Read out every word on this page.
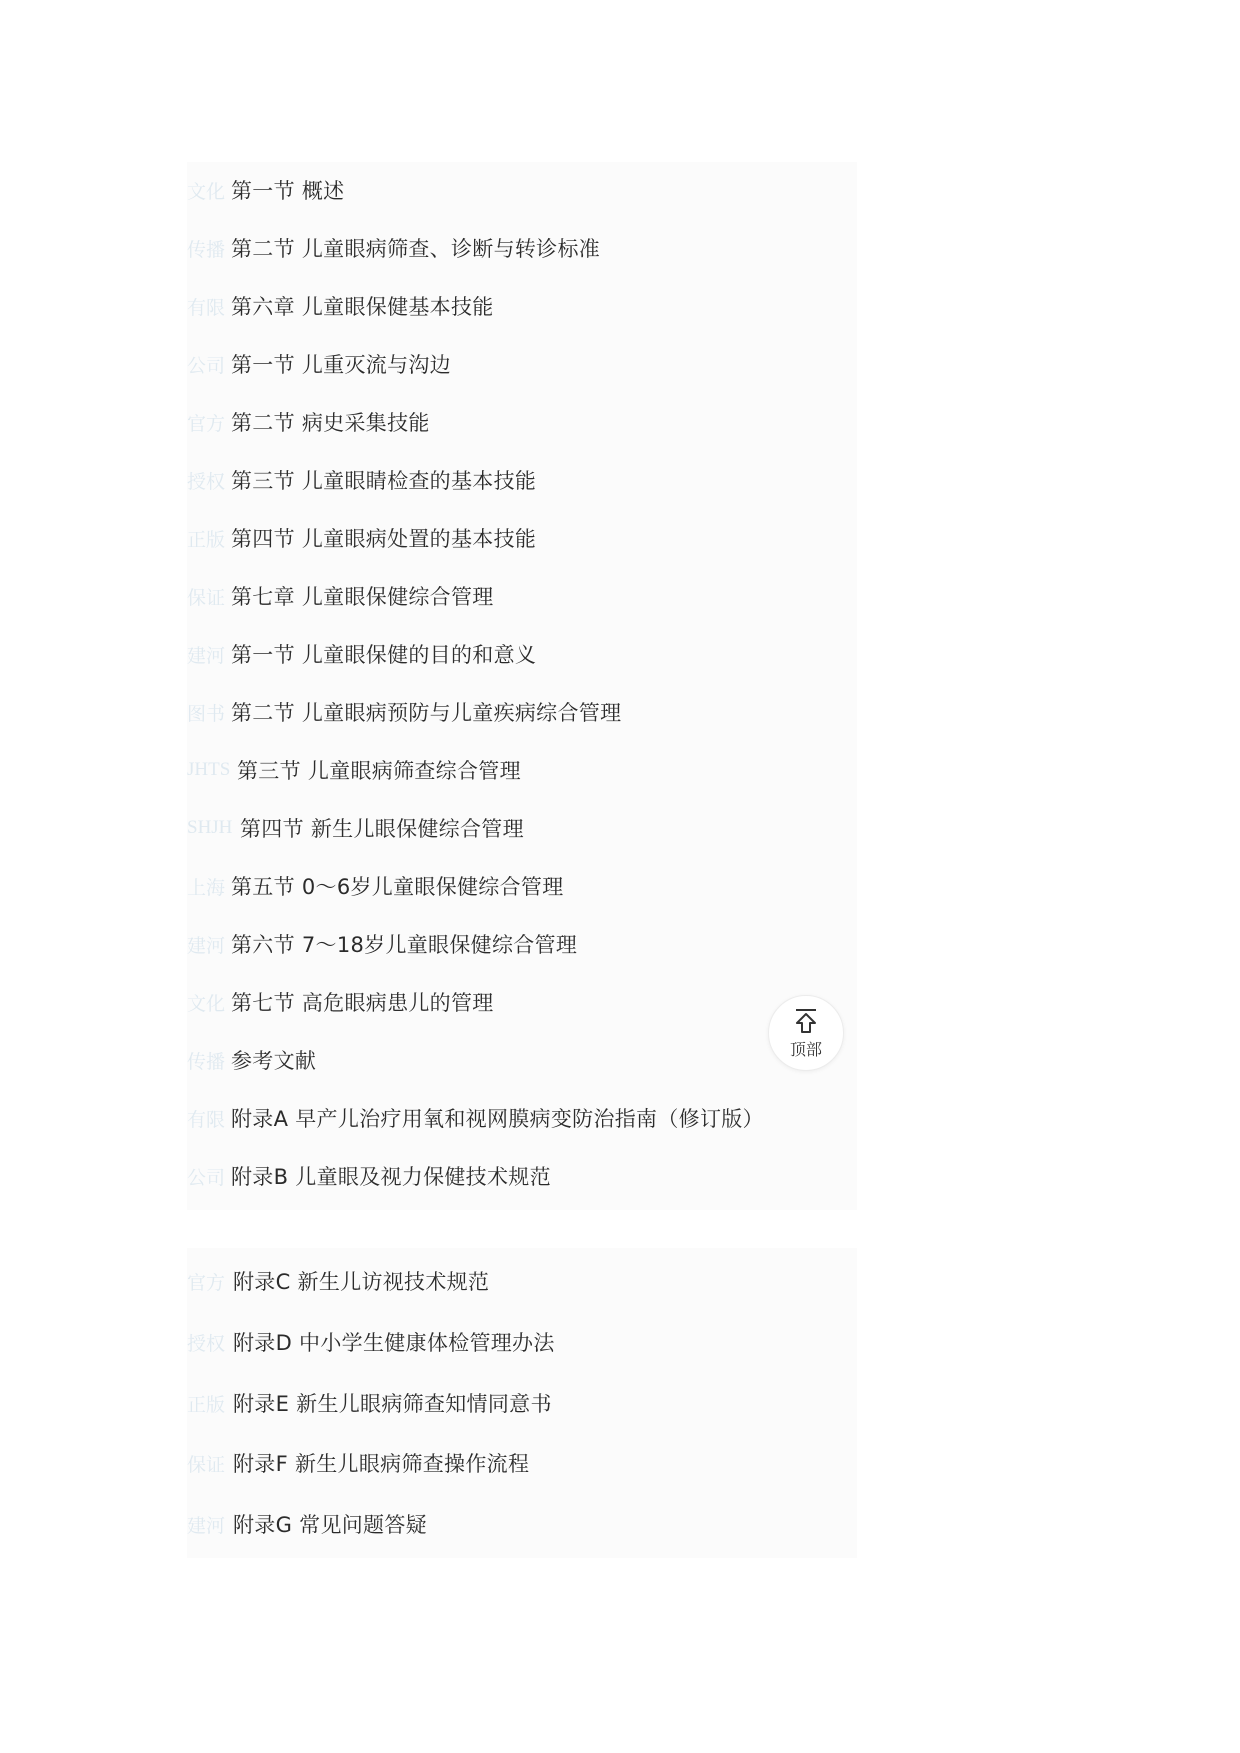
文化 第一节 概述
传播 第二节 儿童眼病筛查、诊断与转诊标准
有限 第六章 儿童眼保健基本技能
公司 第一节 儿重灭流与沟边
官方 第二节 病史采集技能
授权 第三节 儿童眼睛检查的基本技能
正版 第四节 儿童眼病处置的基本技能
保证 第七章 儿童眼保健综合管理
建河 第一节 儿童眼保健的目的和意义
图书 第二节 儿童眼病预防与儿童疾病综合管理
JHTS 第三节 儿童眼病筛查综合管理
SHJH 第四节 新生儿眼保健综合管理
上海 第五节 0～6岁儿童眼保健综合管理
建河 第六节 7～18岁儿童眼保健综合管理
文化 第七节 高危眼病患儿的管理
传播 参考文献
有限 附录A 早产儿治疗用氧和视网膜病变防治指南（修订版）
公司 附录B 儿童眼及视力保健技术规范
官方 附录C 新生儿访视技术规范
授权 附录D 中小学生健康体检管理办法
正版 附录E 新生儿眼病筛查知情同意书
保证 附录F 新生儿眼病筛查操作流程
建河 附录G 常见问题答疑
顶部
